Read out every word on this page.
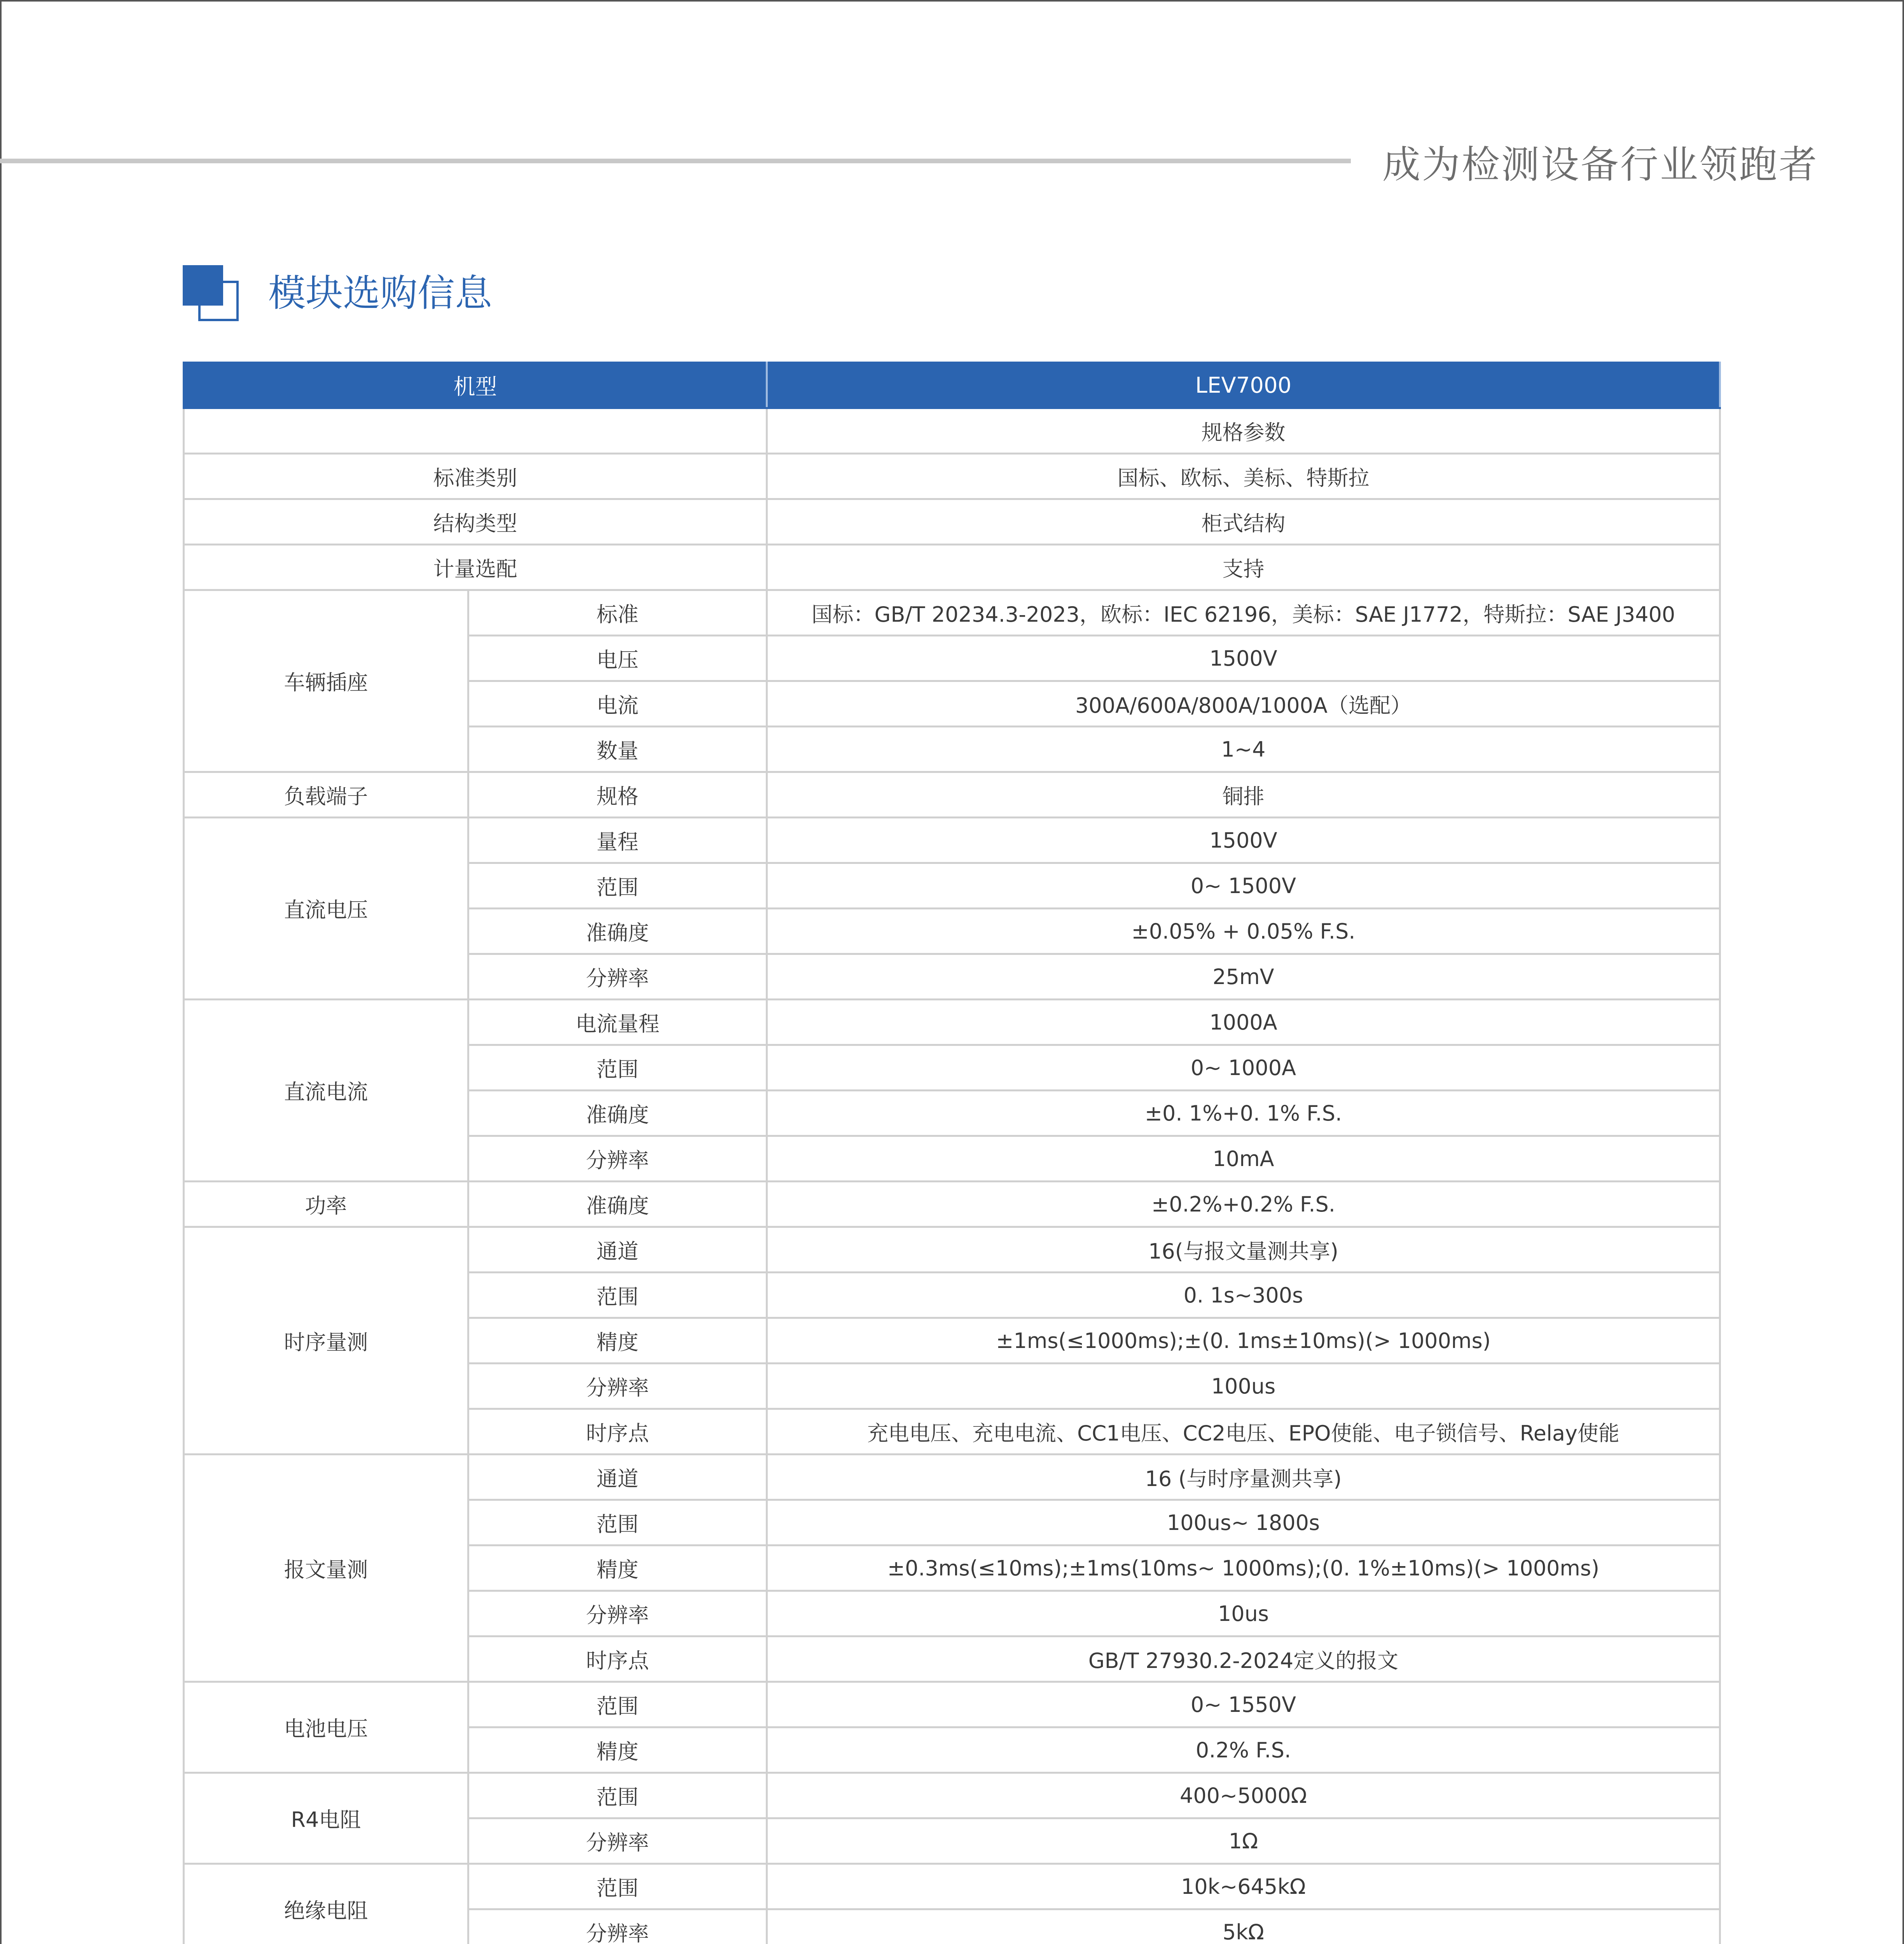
成为检测设备行业领跑者
模块选购信息
机型		LEV7000
		规格参数
标准类别		国标、欧标、美标、特斯拉
结构类型		柜式结构
计量选配		支持
车辆插座	标准	国标：GB/T 20234.3-2023，欧标：IEC 62196，美标：SAE J1772，特斯拉：SAE J3400
	电压	1500V
	电流	300A/600A/800A/1000A（选配）
	数量	1~4
负载端子	规格	铜排
直流电压	量程	1500V
	范围	0~ 1500V
	准确度	±0.05% + 0.05% F.S.
	分辨率	25mV
直流电流	电流量程	1000A
	范围	0~ 1000A
	准确度	±0. 1%+0. 1% F.S.
	分辨率	10mA
功率	准确度	±0.2%+0.2% F.S.
时序量测	通道	16(与报文量测共享)
	范围	0. 1s~300s
	精度	±1ms(≤1000ms);±(0. 1ms±10ms)(> 1000ms)
	分辨率	100us
	时序点	充电电压、充电电流、CC1电压、CC2电压、EPO使能、电子锁信号、Relay使能
报文量测	通道	16 (与时序量测共享)
	范围	100us~ 1800s
	精度	±0.3ms(≤10ms);±1ms(10ms~ 1000ms);(0. 1%±10ms)(> 1000ms)
	分辨率	10us
	时序点	GB/T 27930.2-2024定义的报文
电池电压	范围	0~ 1550V
	精度	0.2% F.S.
R4电阻	范围	400~5000Ω
	分辨率	1Ω
绝缘电阻	范围	10k~645kΩ
	分辨率	5kΩ
